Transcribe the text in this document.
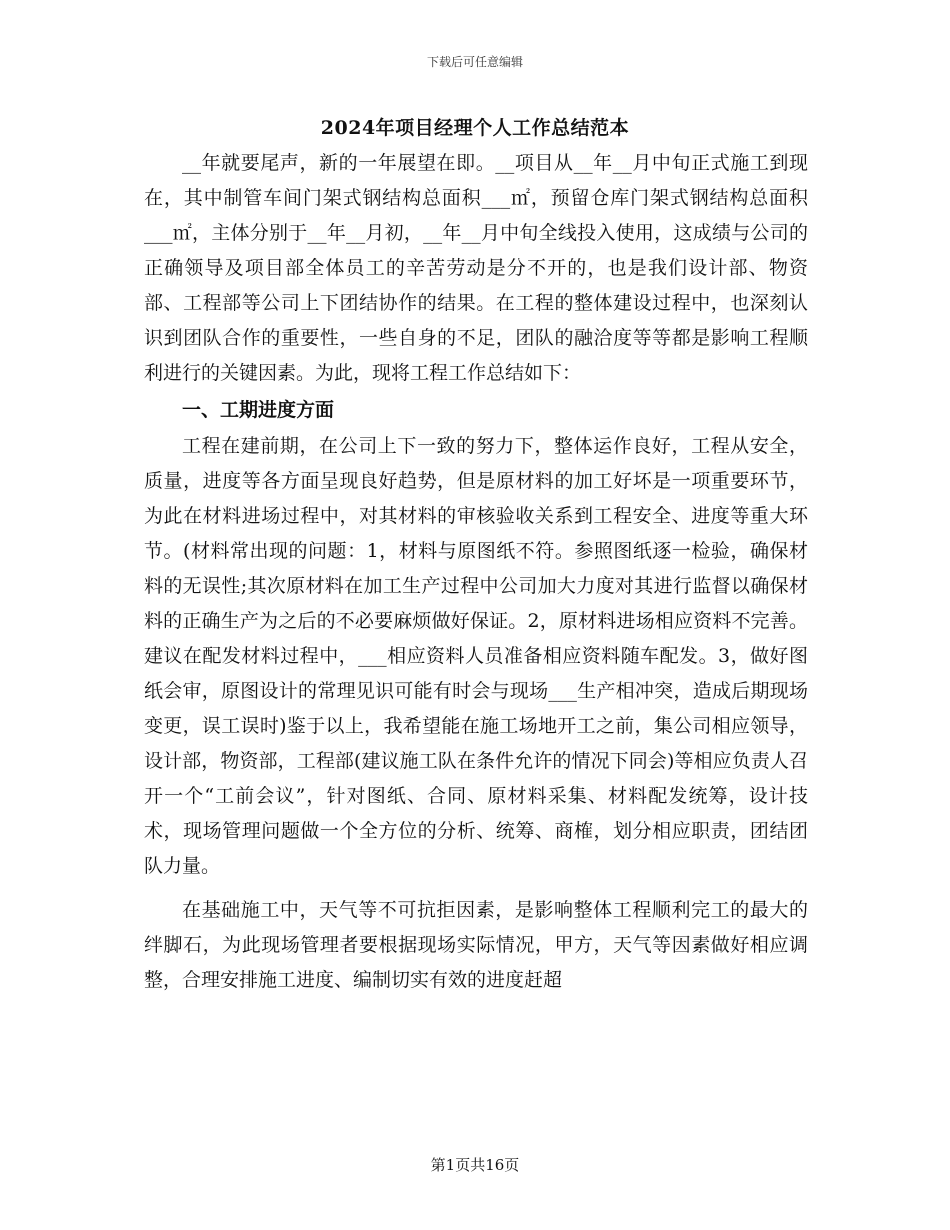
下载后可任意编辑
2024年项目经理个人工作总结范本

__年就要尾声，新的一年展望在即。__项目从__年__月中旬正式施工到现在，其中制管车间门架式钢结构总面积___㎡，预留仓库门架式钢结构总面积___㎡，主体分别于__年__月初，__年__月中旬全线投入使用，这成绩与公司的正确领导及项目部全体员工的辛苦劳动是分不开的，也是我们设计部、物资部、工程部等公司上下团结协作的结果。在工程的整体建设过程中，也深刻认识到团队合作的重要性，一些自身的不足，团队的融洽度等等都是影响工程顺利进行的关键因素。为此，现将工程工作总结如下：

一、工期进度方面

工程在建前期，在公司上下一致的努力下，整体运作良好，工程从安全，质量，进度等各方面呈现良好趋势，但是原材料的加工好坏是一项重要环节，为此在材料进场过程中，对其材料的审核验收关系到工程安全、进度等重大环节。(材料常出现的问题：1，材料与原图纸不符。参照图纸逐一检验，确保材料的无误性;其次原材料在加工生产过程中公司加大力度对其进行监督以确保材料的正确生产为之后的不必要麻烦做好保证。2，原材料进场相应资料不完善。建议在配发材料过程中，___相应资料人员准备相应资料随车配发。3，做好图纸会审，原图设计的常理见识可能有时会与现场___生产相冲突，造成后期现场变更，误工误时)鉴于以上，我希望能在施工场地开工之前，集公司相应领导，设计部，物资部，工程部(建议施工队在条件允许的情况下同会)等相应负责人召开一个“工前会议”，针对图纸、合同、原材料采集、材料配发统筹，设计技术，现场管理问题做一个全方位的分析、统筹、商榷，划分相应职责，团结团队力量。

在基础施工中，天气等不可抗拒因素，是影响整体工程顺利完工的最大的绊脚石，为此现场管理者要根据现场实际情况，甲方，天气等因素做好相应调整，合理安排施工进度、编制切实有效的进度赶超

第1页共16页
